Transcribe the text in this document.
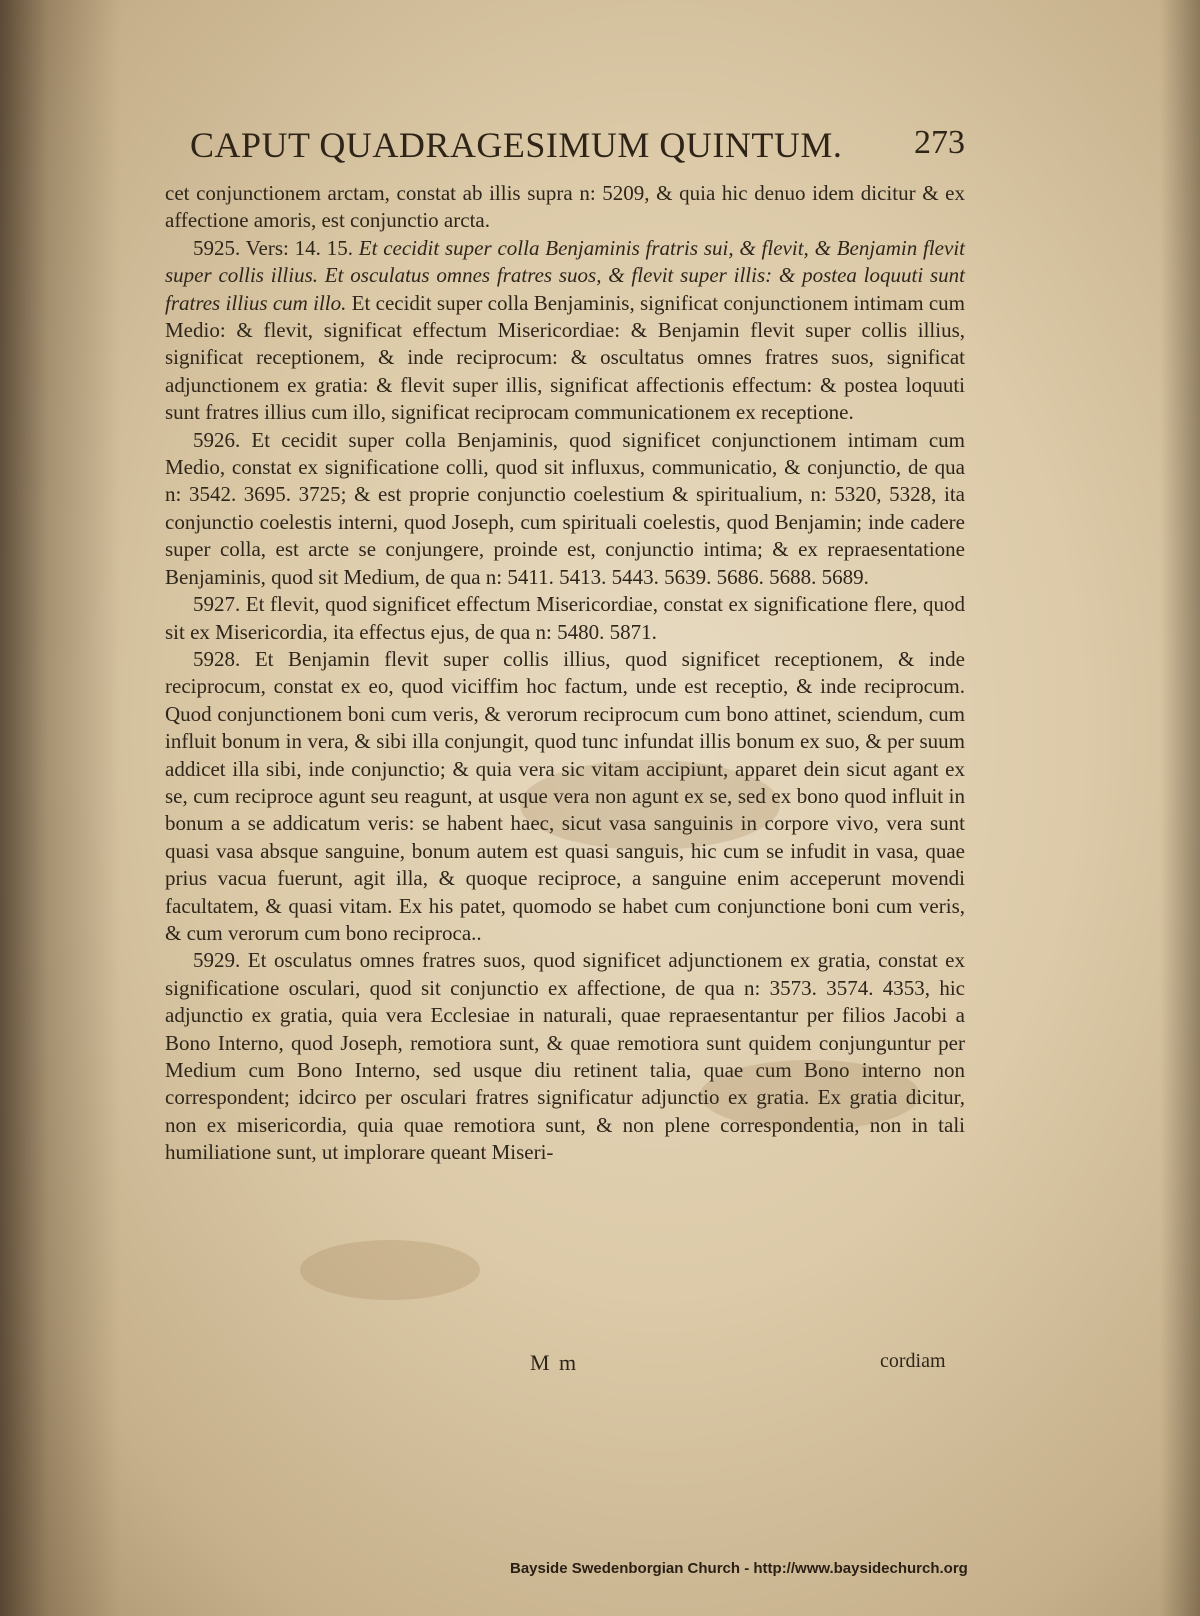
CAPUT QUADRAGESIMUM QUINTUM. 273

cet conjunctionem arctam, constat ab illis supra n: 5209, & quia hic denuo idem dicitur & ex affectione amoris, est conjunctio arcta.

5925. Vers: 14. 15. Et cecidit super colla Benjaminis fratris sui, & flevit, & Benjamin flevit super collis illius. Et osculatus omnes fratres suos, & flevit super illis: & postea loquuti sunt fratres illius cum illo. Et cecidit super colla Benjaminis, significat conjunctionem intimam cum Medio: & flevit, significat effectum Misericordiae: & Benjamin flevit super collis illius, significat receptionem, & inde reciprocum: & oscultatus omnes fratres suos, significat adjunctionem ex gratia: & flevit super illis, significat affectionis effectum: & postea loquuti sunt fratres illius cum illo, significat reciprocam communicationem ex receptione.

5926. Et cecidit super colla Benjaminis, quod significet conjunctionem intimam cum Medio, constat ex significatione colli, quod sit influxus, communicatio, & conjunctio, de qua n: 3542. 3695. 3725; & est proprie conjunctio coelestium & spiritualium, n: 5320, 5328, ita conjunctio coelestis interni, quod Joseph, cum spirituali coelestis, quod Benjamin; inde cadere super colla, est arcte se conjungere, proinde est, conjunctio intima; & ex repraesentatione Benjaminis, quod sit Medium, de qua n: 5411. 5413. 5443. 5639. 5686. 5688. 5689.

5927. Et flevit, quod significet effectum Misericordiae, constat ex significatione flere, quod sit ex Misericordia, ita effectus ejus, de qua n: 5480. 5871.

5928. Et Benjamin flevit super collis illius, quod significet receptionem, & inde reciprocum, constat ex eo, quod viciffim hoc factum, unde est receptio, & inde reciprocum. Quod conjunctionem boni cum veris, & verorum reciprocum cum bono attinet, sciendum, cum influit bonum in vera, & sibi illa conjungit, quod tunc infundat illis bonum ex suo, & per suum addicet illa sibi, inde conjunctio; & quia vera sic vitam accipiunt, apparet dein sicut agant ex se, cum reciproce agunt seu reagunt, at usque vera non agunt ex se, sed ex bono quod influit in bonum a se addicatum veris: se habent haec, sicut vasa sanguinis in corpore vivo, vera sunt quasi vasa absque sanguine, bonum autem est quasi sanguis, hic cum se infudit in vasa, quae prius vacua fuerunt, agit illa, & quoque reciproce, a sanguine enim acceperunt movendi facultatem, & quasi vitam. Ex his patet, quomodo se habet cum conjunctione boni cum veris, & cum verorum cum bono reciproca..

5929. Et osculatus omnes fratres suos, quod significet adjunctionem ex gratia, constat ex significatione osculari, quod sit conjunctio ex affectione, de qua n: 3573. 3574. 4353, hic adjunctio ex gratia, quia vera Ecclesiae in naturali, quae repraesentantur per filios Jacobi a Bono Interno, quod Joseph, remotiora sunt, & quae remotiora sunt quidem conjunguntur per Medium cum Bono Interno, sed usque diu retinent talia, quae cum Bono interno non correspondent; idcirco per osculari fratres significatur adjunctio ex gratia. Ex gratia dicitur, non ex misericordia, quia quae remotiora sunt, & non plene correspondentia, non in tali humiliatione sunt, ut implorare queant Miseri-

M m	cordiam
Bayside Swedenborgian Church - http://www.baysidechurch.org
